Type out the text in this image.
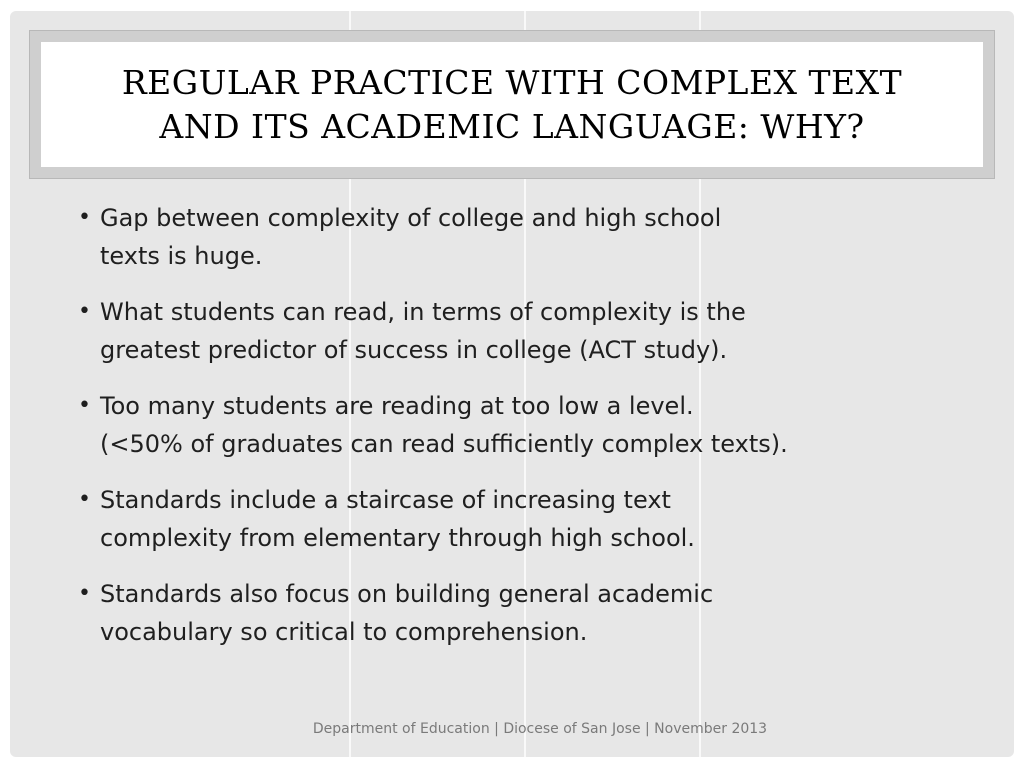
REGULAR PRACTICE WITH COMPLEX TEXT
AND ITS ACADEMIC LANGUAGE: WHY?
• Gap between complexity of college and high school
texts is huge.
• What students can read, in terms of complexity is the
greatest predictor of success in college (ACT study).
• Too many students are reading at too low a level.
(<50% of graduates can read sufficiently complex texts).
• Standards include a staircase of increasing text
complexity from elementary through high school.
• Standards also focus on building general academic
vocabulary so critical to comprehension.
Department of Education | Diocese of San Jose | November 2013
